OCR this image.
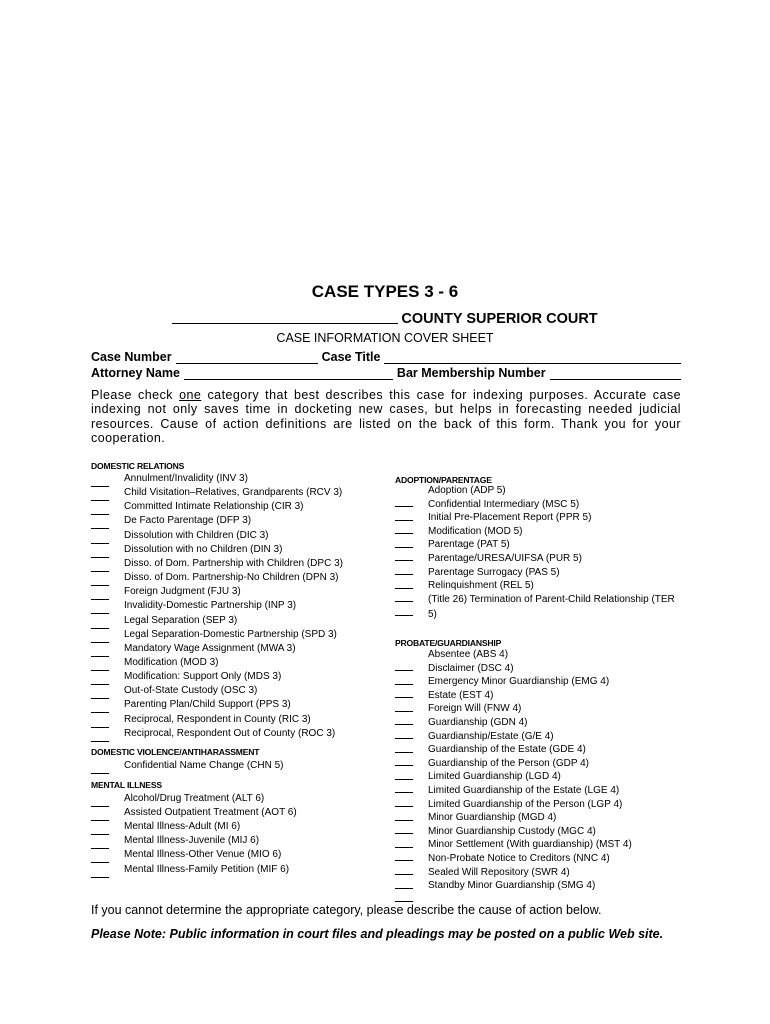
CASE TYPES 3 - 6
COUNTY SUPERIOR COURT
CASE INFORMATION COVER SHEET
Case Number	Case Title
Attorney Name	Bar Membership Number
Please check one category that best describes this case for indexing purposes. Accurate case indexing not only saves time in docketing new cases, but helps in forecasting needed judicial resources. Cause of action definitions are listed on the back of this form. Thank you for your cooperation.
DOMESTIC RELATIONS
Annulment/Invalidity (INV 3)
Child Visitation–Relatives, Grandparents (RCV 3)
Committed Intimate Relationship (CIR 3)
De Facto Parentage (DFP 3)
Dissolution with Children (DIC 3)
Dissolution with no Children (DIN 3)
Disso. of Dom. Partnership with Children (DPC 3)
Disso. of Dom. Partnership-No Children (DPN 3)
Foreign Judgment (FJU 3)
Invalidity-Domestic Partnership (INP 3)
Legal Separation (SEP 3)
Legal Separation-Domestic Partnership (SPD 3)
Mandatory Wage Assignment (MWA 3)
Modification (MOD 3)
Modification: Support Only (MDS 3)
Out-of-State Custody (OSC 3)
Parenting Plan/Child Support (PPS 3)
Reciprocal, Respondent in County (RIC 3)
Reciprocal, Respondent Out of County (ROC 3)
DOMESTIC VIOLENCE/ANTIHARASSMENT
Confidential Name Change (CHN 5)
MENTAL ILLNESS
Alcohol/Drug Treatment (ALT 6)
Assisted Outpatient Treatment (AOT 6)
Mental Illness-Adult (MI 6)
Mental Illness-Juvenile (MIJ 6)
Mental Illness-Other Venue (MIO 6)
Mental Illness-Family Petition (MIF 6)
ADOPTION/PARENTAGE
Adoption (ADP 5)
Confidential Intermediary (MSC 5)
Initial Pre-Placement Report (PPR 5)
Modification (MOD 5)
Parentage (PAT 5)
Parentage/URESA/UIFSA (PUR 5)
Parentage Surrogacy (PAS 5)
Relinquishment (REL 5)
(Title 26) Termination of Parent-Child Relationship (TER
5)
PROBATE/GUARDIANSHIP
Absentee (ABS 4)
Disclaimer (DSC 4)
Emergency Minor Guardianship (EMG 4)
Estate (EST 4)
Foreign Will (FNW 4)
Guardianship (GDN 4)
Guardianship/Estate (G/E 4)
Guardianship of the Estate (GDE 4)
Guardianship of the Person (GDP 4)
Limited Guardianship (LGD 4)
Limited Guardianship of the Estate (LGE 4)
Limited Guardianship of the Person (LGP 4)
Minor Guardianship (MGD 4)
Minor Guardianship Custody (MGC 4)
Minor Settlement (With guardianship) (MST 4)
Non-Probate Notice to Creditors (NNC 4)
Sealed Will Repository (SWR 4)
Standby Minor Guardianship (SMG 4)
If you cannot determine the appropriate category, please describe the cause of action below.
Please Note: Public information in court files and pleadings may be posted on a public Web site.
